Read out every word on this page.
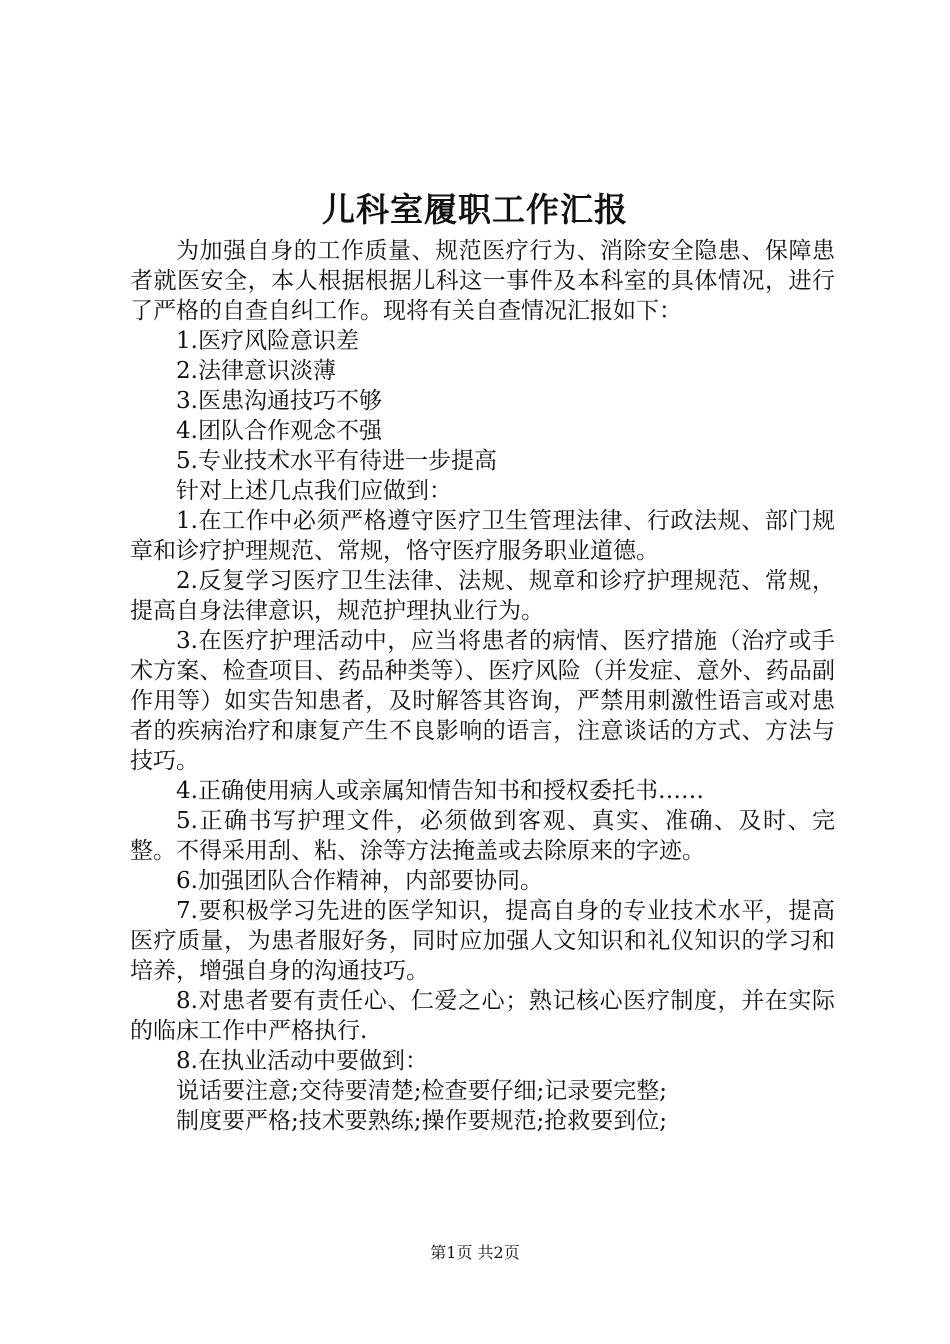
儿科室履职工作汇报

为加强自身的工作质量、规范医疗行为、消除安全隐患、保障患者就医安全，本人根据根据儿科这一事件及本科室的具体情况，进行了严格的自查自纠工作。现将有关自查情况汇报如下：

1.医疗风险意识差

2.法律意识淡薄

3.医患沟通技巧不够

4.团队合作观念不强

5.专业技术水平有待进一步提高

针对上述几点我们应做到：

1.在工作中必须严格遵守医疗卫生管理法律、行政法规、部门规章和诊疗护理规范、常规，恪守医疗服务职业道德。

2.反复学习医疗卫生法律、法规、规章和诊疗护理规范、常规，提高自身法律意识，规范护理执业行为。

3.在医疗护理活动中，应当将患者的病情、医疗措施（治疗或手术方案、检查项目、药品种类等）、医疗风险（并发症、意外、药品副作用等）如实告知患者，及时解答其咨询，严禁用刺激性语言或对患者的疾病治疗和康复产生不良影响的语言，注意谈话的方式、方法与技巧。

4.正确使用病人或亲属知情告知书和授权委托书……

5.正确书写护理文件，必须做到客观、真实、准确、及时、完整。不得采用刮、粘、涂等方法掩盖或去除原来的字迹。

6.加强团队合作精神，内部要协同。

7.要积极学习先进的医学知识，提高自身的专业技术水平，提高医疗质量，为患者服好务，同时应加强人文知识和礼仪知识的学习和培养，增强自身的沟通技巧。

8.对患者要有责任心、仁爱之心；熟记核心医疗制度，并在实际的临床工作中严格执行.

8.在执业活动中要做到：

说话要注意;交待要清楚;检查要仔细;记录要完整;

制度要严格;技术要熟练;操作要规范;抢救要到位;

第1页 共2页
